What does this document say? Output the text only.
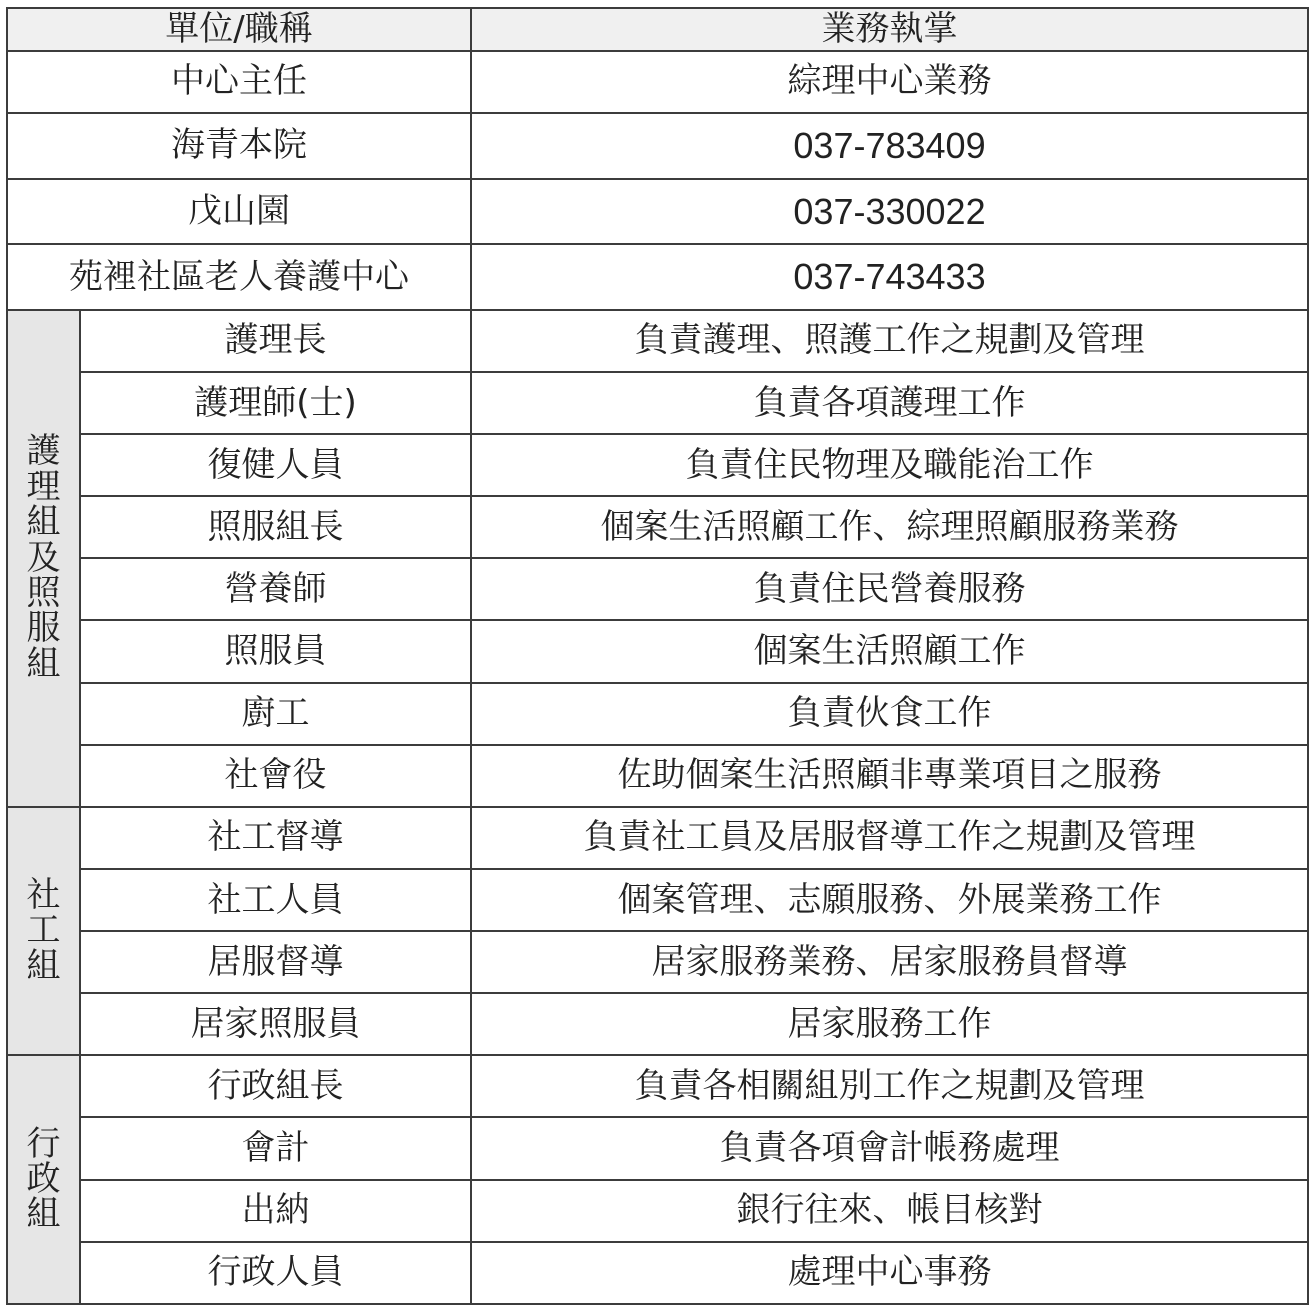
單位/職稱		業務執掌
中心主任		綜理中心業務
海青本院		037-783409
戊山園		037-330022
苑裡社區老人養護中心		037-743433

護理組及照服組	護理長	負責護理、照護工作之規劃及管理
	護理師(士)	負責各項護理工作
	復健人員	負責住民物理及職能治工作
	照服組長	個案生活照顧工作、綜理照顧服務業務
	營養師	負責住民營養服務
	照服員	個案生活照顧工作
	廚工	負責伙食工作
	社會役	佐助個案生活照顧非專業項目之服務

社工組	社工督導	負責社工員及居服督導工作之規劃及管理
	社工人員	個案管理、志願服務、外展業務工作
	居服督導	居家服務業務、居家服務員督導
	居家照服員	居家服務工作

行政組	行政組長	負責各相關組別工作之規劃及管理
	會計	負責各項會計帳務處理
	出納	銀行往來、帳目核對
	行政人員	處理中心事務
